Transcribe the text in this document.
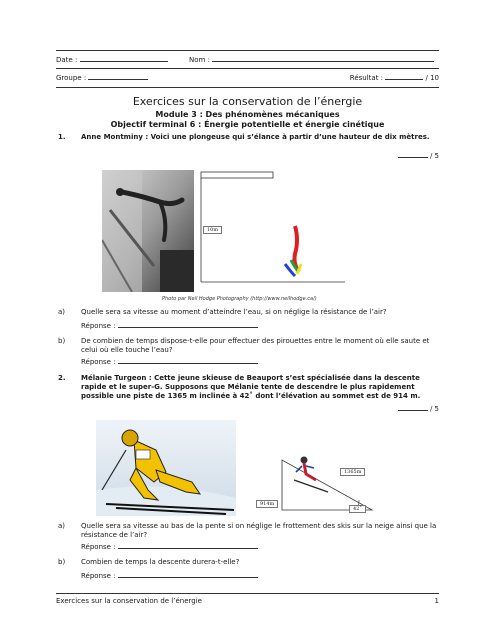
Date :	Nom :
Groupe :	Résultat :	/ 10
Exercices sur la conservation de l’énergie
Module 3 : Des phénomènes mécaniques
Objectif terminal 6 : Énergie potentielle et énergie cinétique
1. Anne Montminy : Voici une plongeuse qui s’élance à partir d’une hauteur de dix mètres.
/ 5
10m
Photo par Neil Hodge Photography (http://www.neilhodge.ca/)
a) Quelle sera sa vitesse au moment d’atteindre l’eau, si on néglige la résistance de l’air?
Réponse :
b) De combien de temps dispose-t-elle pour effectuer des pirouettes entre le moment où elle saute et celui où elle touche l’eau?
Réponse :
2. Mélanie Turgeon : Cette jeune skieuse de Beauport s’est spécialisée dans la descente rapide et le super-G. Supposons que Mélanie tente de descendre le plus rapidement possible une piste de 1365 m inclinée à 42˚ dont l’élévation au sommet est de 914 m.
/ 5
914m
1365m
42˚
a) Quelle sera sa vitesse au bas de la pente si on néglige le frottement des skis sur la neige ainsi que la résistance de l’air?
Réponse :
b) Combien de temps la descente durera-t-elle?
Réponse :
Exercices sur la conservation de l’énergie	1
